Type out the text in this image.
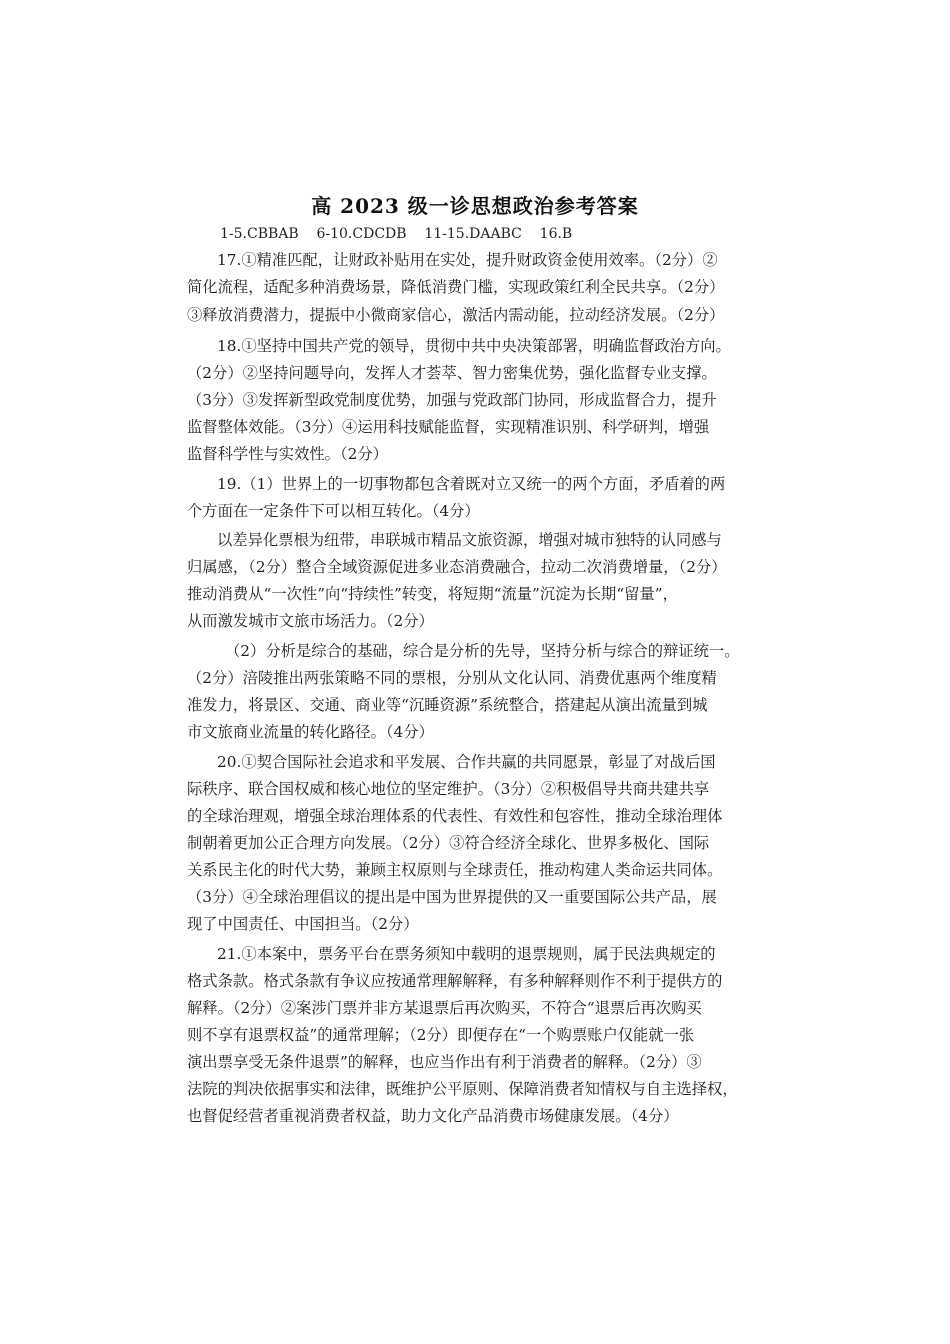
高 2023 级一诊思想政治参考答案
1-5.CBBAB    6-10.CDCDB    11-15.DAABC    16.B
17.①精准匹配，让财政补贴用在实处，提升财政资金使用效率。（2分）②
简化流程，适配多种消费场景，降低消费门槛，实现政策红利全民共享。（2分）
③释放消费潜力，提振中小微商家信心，激活内需动能，拉动经济发展。（2分）
18.①坚持中国共产党的领导，贯彻中共中央决策部署，明确监督政治方向。
（2分）②坚持问题导向，发挥人才荟萃、智力密集优势，强化监督专业支撑。
（3分）③发挥新型政党制度优势，加强与党政部门协同，形成监督合力，提升
监督整体效能。（3分）④运用科技赋能监督，实现精准识别、科学研判，增强
监督科学性与实效性。（2分）
19.（1）世界上的一切事物都包含着既对立又统一的两个方面，矛盾着的两
个方面在一定条件下可以相互转化。（4分）
以差异化票根为纽带，串联城市精品文旅资源，增强对城市独特的认同感与
归属感，（2分）整合全域资源促进多业态消费融合，拉动二次消费增量，（2分）
推动消费从“一次性”向“持续性”转变，将短期“流量”沉淀为长期“留量”，
从而激发城市文旅市场活力。（2分）
（2）分析是综合的基础，综合是分析的先导，坚持分析与综合的辩证统一。
（2分）涪陵推出两张策略不同的票根，分别从文化认同、消费优惠两个维度精
准发力，将景区、交通、商业等“沉睡资源”系统整合，搭建起从演出流量到城
市文旅商业流量的转化路径。（4分）
20.①契合国际社会追求和平发展、合作共赢的共同愿景，彰显了对战后国
际秩序、联合国权威和核心地位的坚定维护。（3分）②积极倡导共商共建共享
的全球治理观，增强全球治理体系的代表性、有效性和包容性，推动全球治理体
制朝着更加公正合理方向发展。（2分）③符合经济全球化、世界多极化、国际
关系民主化的时代大势，兼顾主权原则与全球责任，推动构建人类命运共同体。
（3分）④全球治理倡议的提出是中国为世界提供的又一重要国际公共产品，展
现了中国责任、中国担当。（2分）
21.①本案中，票务平台在票务须知中载明的退票规则，属于民法典规定的
格式条款。格式条款有争议应按通常理解解释，有多种解释则作不利于提供方的
解释。（2分）②案涉门票并非方某退票后再次购买，不符合“退票后再次购买
则不享有退票权益”的通常理解；（2分）即便存在“一个购票账户仅能就一张
演出票享受无条件退票”的解释，也应当作出有利于消费者的解释。（2分）③
法院的判决依据事实和法律，既维护公平原则、保障消费者知情权与自主选择权，
也督促经营者重视消费者权益，助力文化产品消费市场健康发展。（4分）
